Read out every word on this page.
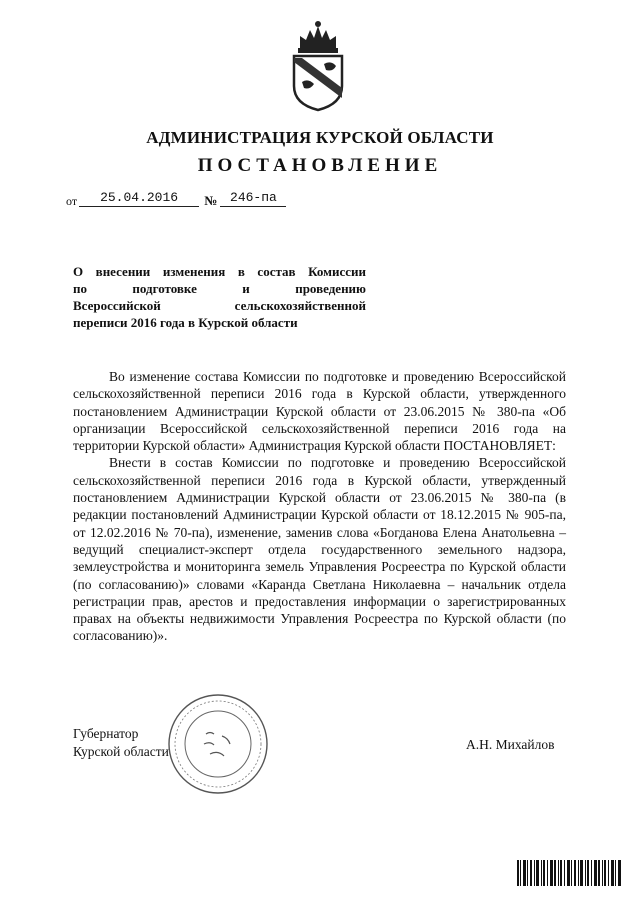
АДМИНИСТРАЦИЯ КУРСКОЙ ОБЛАСТИ
ПОСТАНОВЛЕНИЕ
от 25.04.2016 № 246-па
О внесении изменения в состав Комиссии
по подготовке и проведению
Всероссийской сельскохозяйственной
переписи 2016 года в Курской области

Во изменение состава Комиссии по подготовке и проведению Всероссийской сельскохозяйственной переписи 2016 года в Курской области, утвержденного постановлением Администрации Курской области от 23.06.2015 № 380-па «Об организации Всероссийской сельскохозяйственной переписи 2016 года на территории Курской области» Администрация Курской области ПОСТАНОВЛЯЕТ:

Внести в состав Комиссии по подготовке и проведению Всероссийской сельскохозяйственной переписи 2016 года в Курской области, утвержденный постановлением Администрации Курской области от 23.06.2015 № 380-па (в редакции постановлений Администрации Курской области от 18.12.2015 № 905-па, от 12.02.2016 № 70-па), изменение, заменив слова «Богданова Елена Анатольевна – ведущий специалист-эксперт отдела государственного земельного надзора, землеустройства и мониторинга земель Управления Росреестра по Курской области (по согласованию)» словами «Каранда Светлана Николаевна – начальник отдела регистрации прав, арестов и предоставления информации о зарегистрированных правах на объекты недвижимости Управления Росреестра по Курской области (по согласованию)».

Губернатор
Курской области	А.Н. Михайлов
